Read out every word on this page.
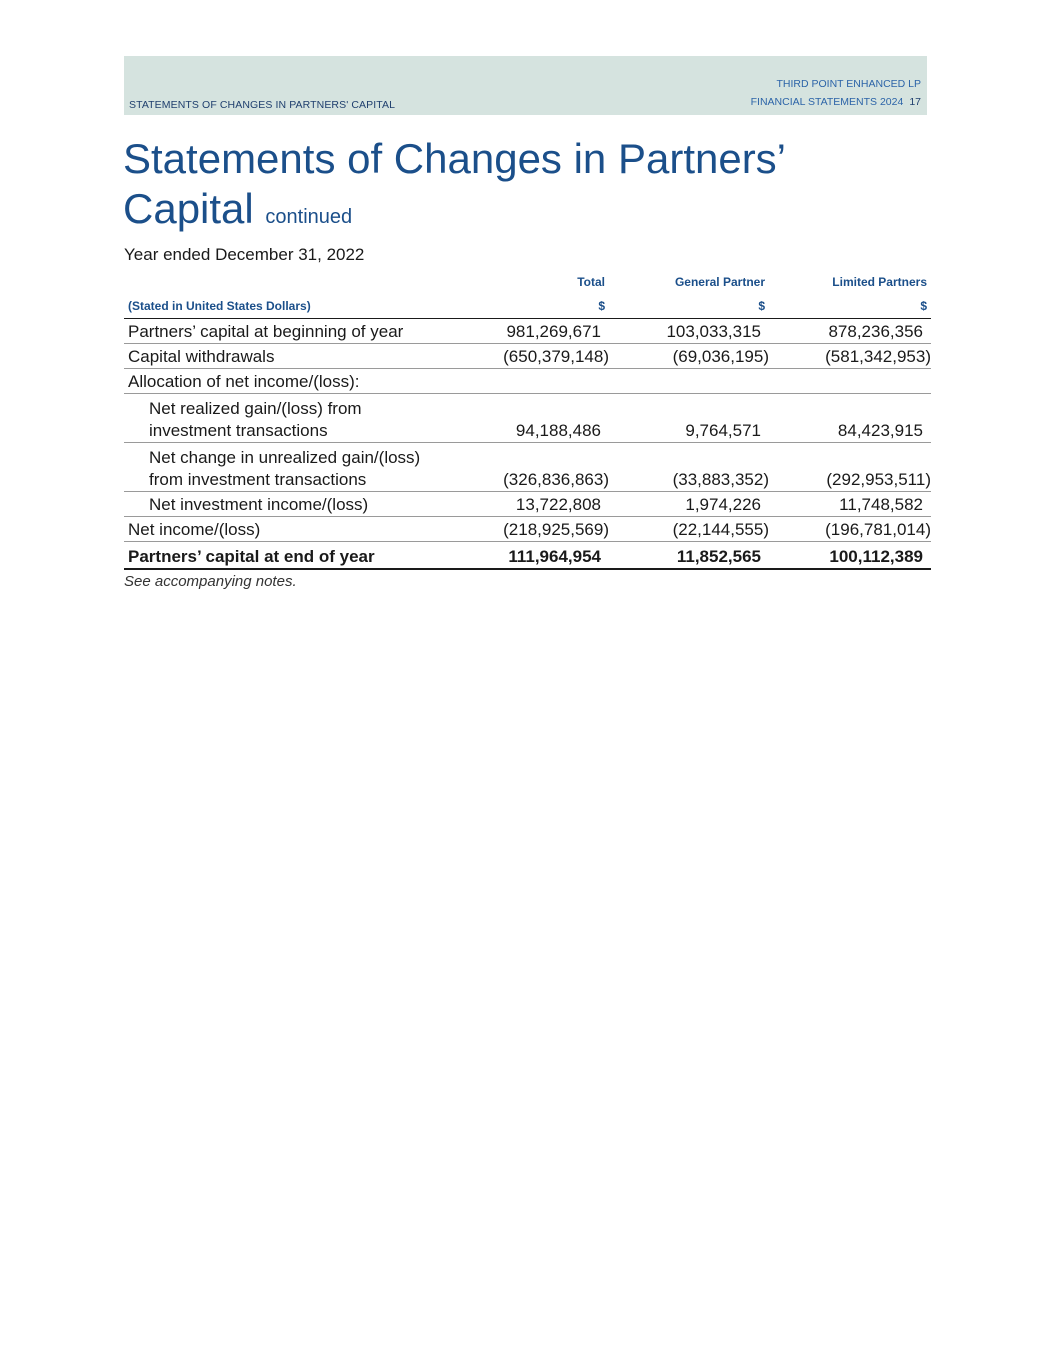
STATEMENTS OF CHANGES IN PARTNERS' CAPITAL
THIRD POINT ENHANCED LP
FINANCIAL STATEMENTS 2024 17
Statements of Changes in Partners’
Capital continued
Year ended December 31, 2022
	Total	General Partner	Limited Partners
(Stated in United States Dollars)	$	$	$
Partners’ capital at beginning of year	981,269,671	103,033,315	878,236,356
Capital withdrawals	(650,379,148)	(69,036,195)	(581,342,953)
Allocation of net income/(loss):			

Net realized gain/(loss) from
investment transactions	94,188,486	9,764,571	84,423,915

Net change in unrealized gain/(loss)
from investment transactions	(326,836,863)	(33,883,352)	(292,953,511)
Net investment income/(loss)	13,722,808	1,974,226	11,748,582
Net income/(loss)	(218,925,569)	(22,144,555)	(196,781,014)
Partners’ capital at end of year	111,964,954	11,852,565	100,112,389
See accompanying notes.
